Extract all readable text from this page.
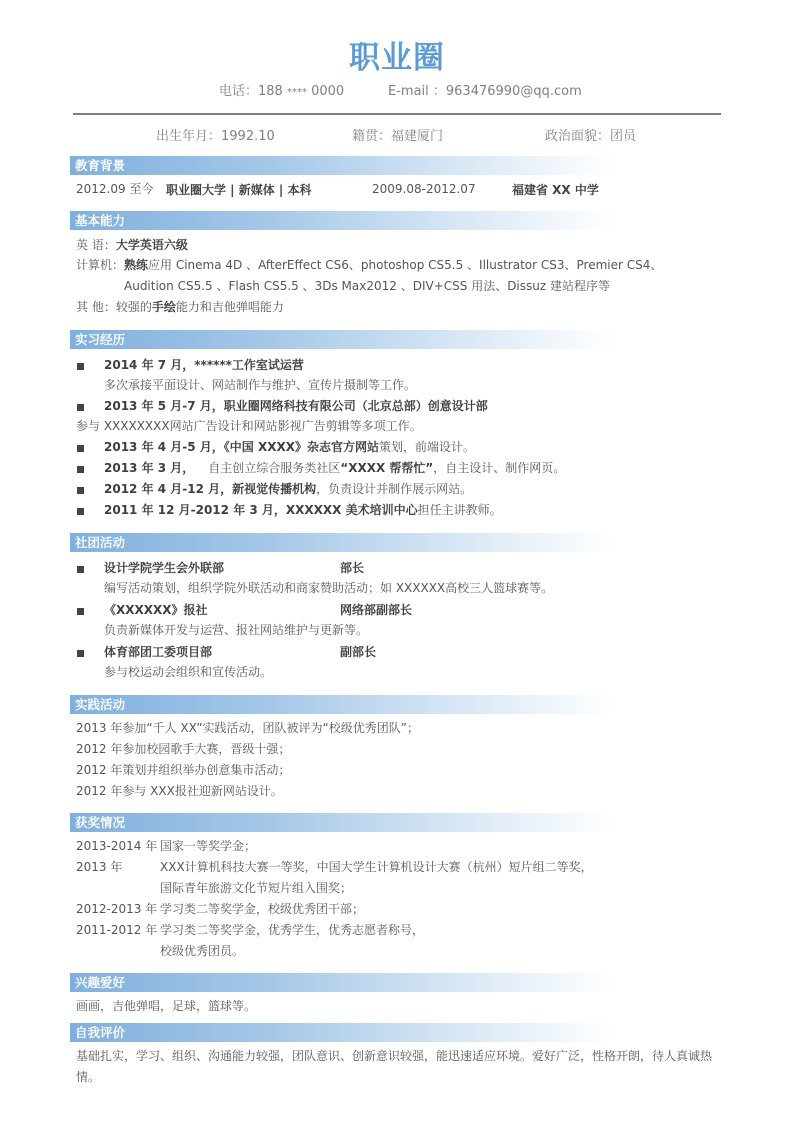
职业圈
电话：188 **** 0000	E-mail ：963476990@qq.com
出生年月：1992.10	籍贯：福建厦门	政治面貌：团员
教育背景
2012.09 至今 职业圈大学 | 新媒体 | 本科	2009.08-2012.07	福建省 XX 中学
基本能力
英 语：大学英语六级
计算机：熟练应用 Cinema 4D 、AfterEffect CS6、photoshop CS5.5 、Illustrator CS3、Premier CS4、
Audition CS5.5 、Flash CS5.5 、3Ds Max2012 、DIV+CSS 用法、Dissuz 建站程序等
其 他：较强的手绘能力和吉他弹唱能力
实习经历
2014 年 7 月，******工作室试运营
多次承接平面设计、网站制作与维护、宣传片摄制等工作。
2013 年 5 月-7 月，职业圈网络科技有限公司（北京总部）创意设计部
参与 XXXXXXXX网站广告设计和网站影视广告剪辑等多项工作。
2013 年 4 月-5 月，《中国 XXXX》杂志官方网站策划，前端设计。
2013 年 3 月， 自主创立综合服务类社区“XXXX 帮帮忙”，自主设计、制作网页。
2012 年 4 月-12 月，新视觉传播机构，负责设计并制作展示网站。
2011 年 12 月-2012 年 3 月，XXXXXX 美术培训中心担任主讲教师。
社团活动
设计学院学生会外联部	部长
编写活动策划，组织学院外联活动和商家赞助活动；如 XXXXXX高校三人篮球赛等。
《XXXXXX》报社	网络部副部长
负责新媒体开发与运营、报社网站维护与更新等。
体育部团工委项目部	副部长
参与校运动会组织和宣传活动。
实践活动
2013 年参加“千人 XX”实践活动，团队被评为“校级优秀团队”；
2012 年参加校园歌手大赛，晋级十强；
2012 年策划并组织举办创意集市活动；
2012 年参与 XXX报社迎新网站设计。
获奖情况
2013-2014 年 国家一等奖学金；
2013 年	XXX计算机科技大赛一等奖，中国大学生计算机设计大赛（杭州）短片组二等奖，
国际青年旅游文化节短片组入围奖；
2012-2013 年 学习类二等奖学金，校级优秀团干部；
2011-2012 年 学习类二等奖学金，优秀学生，优秀志愿者称号，
校级优秀团员。
兴趣爱好
画画，吉他弹唱，足球，篮球等。
自我评价
基础扎实，学习、组织、沟通能力较强，团队意识、创新意识较强，能迅速适应环境。爱好广泛，性格开朗，待人真诚热
情。
